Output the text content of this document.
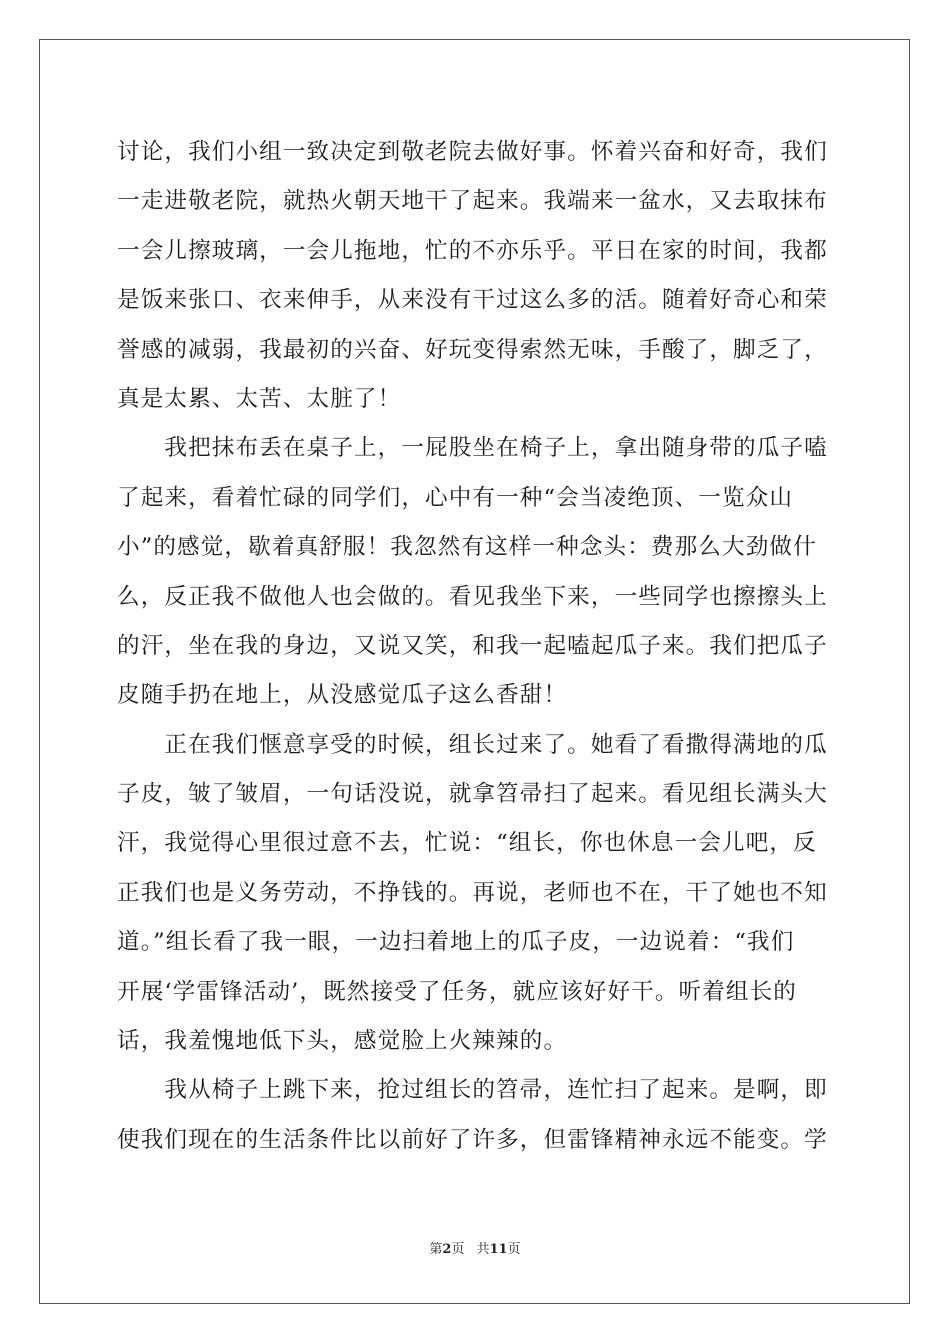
讨论，我们小组一致决定到敬老院去做好事。怀着兴奋和好奇，我们
一走进敬老院，就热火朝天地干了起来。我端来一盆水，又去取抹布
一会儿擦玻璃，一会儿拖地，忙的不亦乐乎。平日在家的时间，我都
是饭来张口、衣来伸手，从来没有干过这么多的活。随着好奇心和荣
誉感的减弱，我最初的兴奋、好玩变得索然无味，手酸了，脚乏了，
真是太累、太苦、太脏了！
　　我把抹布丢在桌子上，一屁股坐在椅子上，拿出随身带的瓜子嗑
了起来，看着忙碌的同学们，心中有一种“会当凌绝顶、一览众山
小”的感觉，歇着真舒服！我忽然有这样一种念头：费那么大劲做什
么，反正我不做他人也会做的。看见我坐下来，一些同学也擦擦头上
的汗，坐在我的身边，又说又笑，和我一起嗑起瓜子来。我们把瓜子
皮随手扔在地上，从没感觉瓜子这么香甜！
　　正在我们惬意享受的时候，组长过来了。她看了看撒得满地的瓜
子皮，皱了皱眉，一句话没说，就拿笤帚扫了起来。看见组长满头大
汗，我觉得心里很过意不去，忙说：“组长，你也休息一会儿吧，反
正我们也是义务劳动，不挣钱的。再说，老师也不在，干了她也不知
道。”组长看了我一眼，一边扫着地上的瓜子皮，一边说着：“我们
开展‘学雷锋活动’，既然接受了任务，就应该好好干。听着组长的
话，我羞愧地低下头，感觉脸上火辣辣的。
　　我从椅子上跳下来，抢过组长的笤帚，连忙扫了起来。是啊，即
使我们现在的生活条件比以前好了许多，但雷锋精神永远不能变。学
第2页 共11页
